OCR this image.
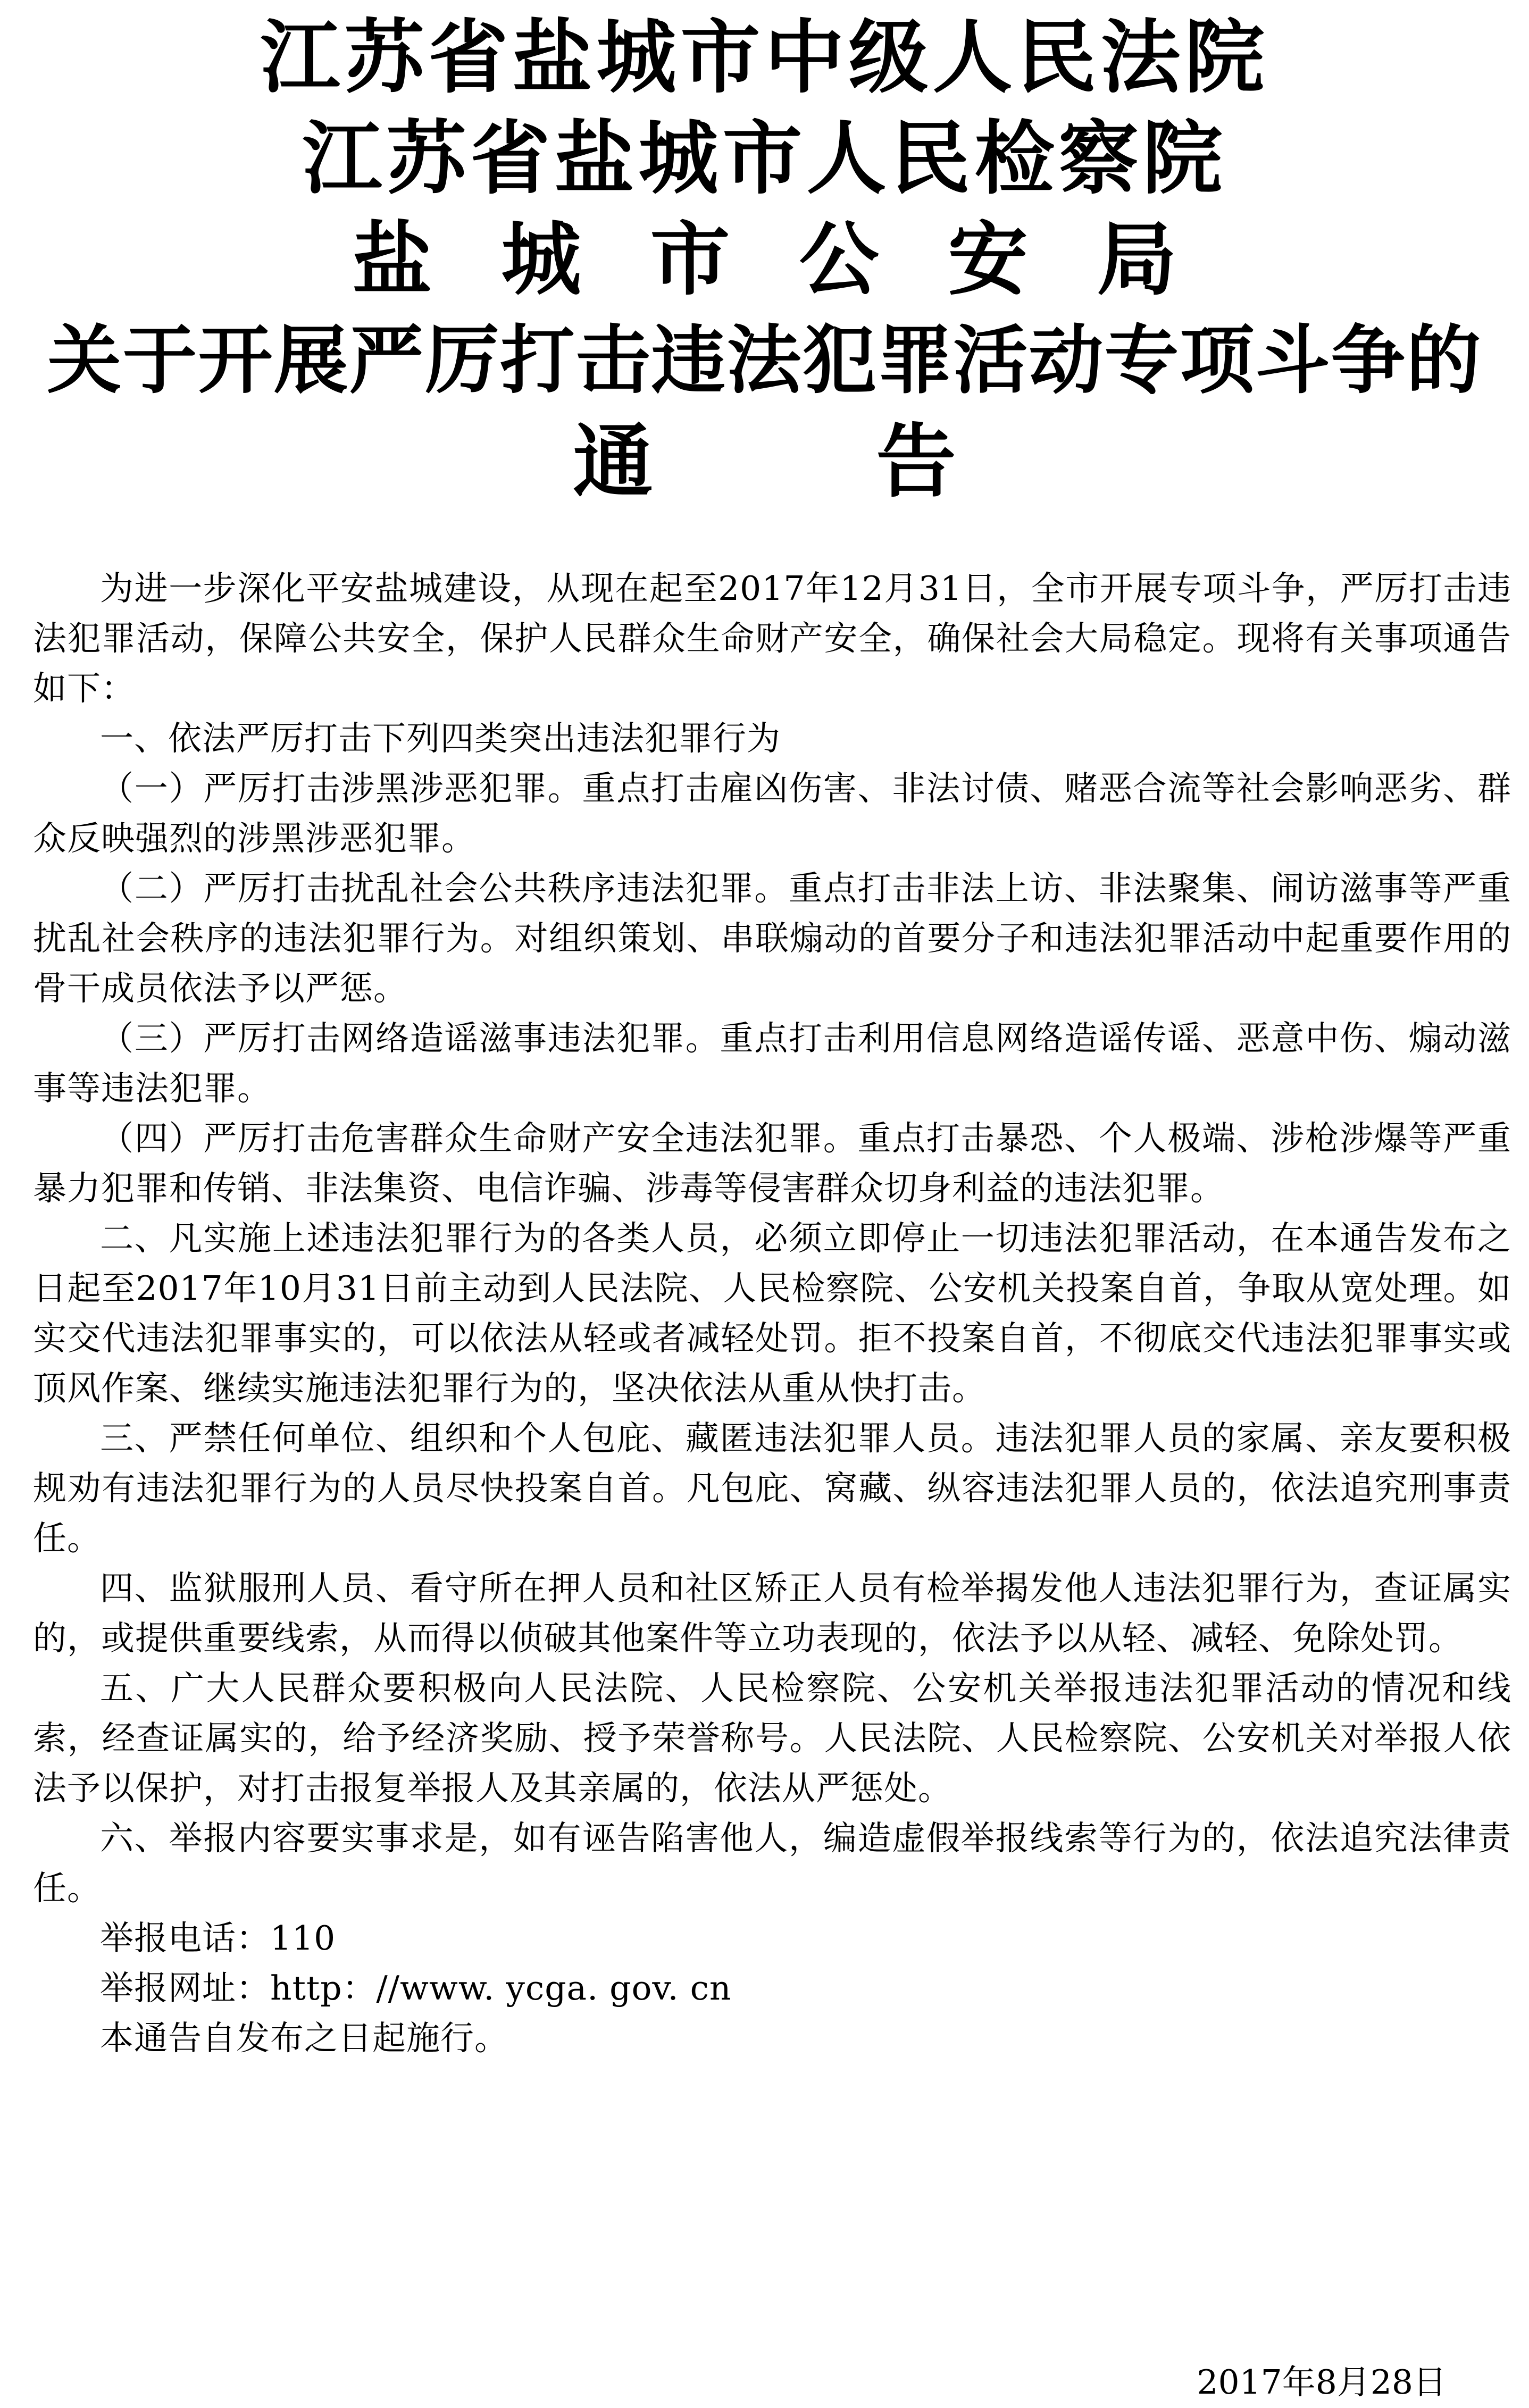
江苏省盐城市中级人民法院
江苏省盐城市人民检察院
盐城市公安局
关于开展严厉打击违法犯罪活动专项斗争的
通告

为进一步深化平安盐城建设，从现在起至2017年12月31日，全市开展专项斗争，严厉打击违法犯罪活动，保障公共安全，保护人民群众生命财产安全，确保社会大局稳定。现将有关事项通告如下：

一、依法严厉打击下列四类突出违法犯罪行为

（一）严厉打击涉黑涉恶犯罪。重点打击雇凶伤害、非法讨债、赌恶合流等社会影响恶劣、群众反映强烈的涉黑涉恶犯罪。

（二）严厉打击扰乱社会公共秩序违法犯罪。重点打击非法上访、非法聚集、闹访滋事等严重扰乱社会秩序的违法犯罪行为。对组织策划、串联煽动的首要分子和违法犯罪活动中起重要作用的骨干成员依法予以严惩。

（三）严厉打击网络造谣滋事违法犯罪。重点打击利用信息网络造谣传谣、恶意中伤、煽动滋事等违法犯罪。

（四）严厉打击危害群众生命财产安全违法犯罪。重点打击暴恐、个人极端、涉枪涉爆等严重暴力犯罪和传销、非法集资、电信诈骗、涉毒等侵害群众切身利益的违法犯罪。

二、凡实施上述违法犯罪行为的各类人员，必须立即停止一切违法犯罪活动，在本通告发布之日起至2017年10月31日前主动到人民法院、人民检察院、公安机关投案自首，争取从宽处理。如实交代违法犯罪事实的，可以依法从轻或者减轻处罚。拒不投案自首，不彻底交代违法犯罪事实或顶风作案、继续实施违法犯罪行为的，坚决依法从重从快打击。

三、严禁任何单位、组织和个人包庇、藏匿违法犯罪人员。违法犯罪人员的家属、亲友要积极规劝有违法犯罪行为的人员尽快投案自首。凡包庇、窝藏、纵容违法犯罪人员的，依法追究刑事责任。

四、监狱服刑人员、看守所在押人员和社区矫正人员有检举揭发他人违法犯罪行为，查证属实的，或提供重要线索，从而得以侦破其他案件等立功表现的，依法予以从轻、减轻、免除处罚。

五、广大人民群众要积极向人民法院、人民检察院、公安机关举报违法犯罪活动的情况和线索，经查证属实的，给予经济奖励、授予荣誉称号。人民法院、人民检察院、公安机关对举报人依法予以保护，对打击报复举报人及其亲属的，依法从严惩处。

六、举报内容要实事求是，如有诬告陷害他人，编造虚假举报线索等行为的，依法追究法律责任。

举报电话：110

举报网址：http：//www. ycga. gov. cn

本通告自发布之日起施行。

2017年8月28日
